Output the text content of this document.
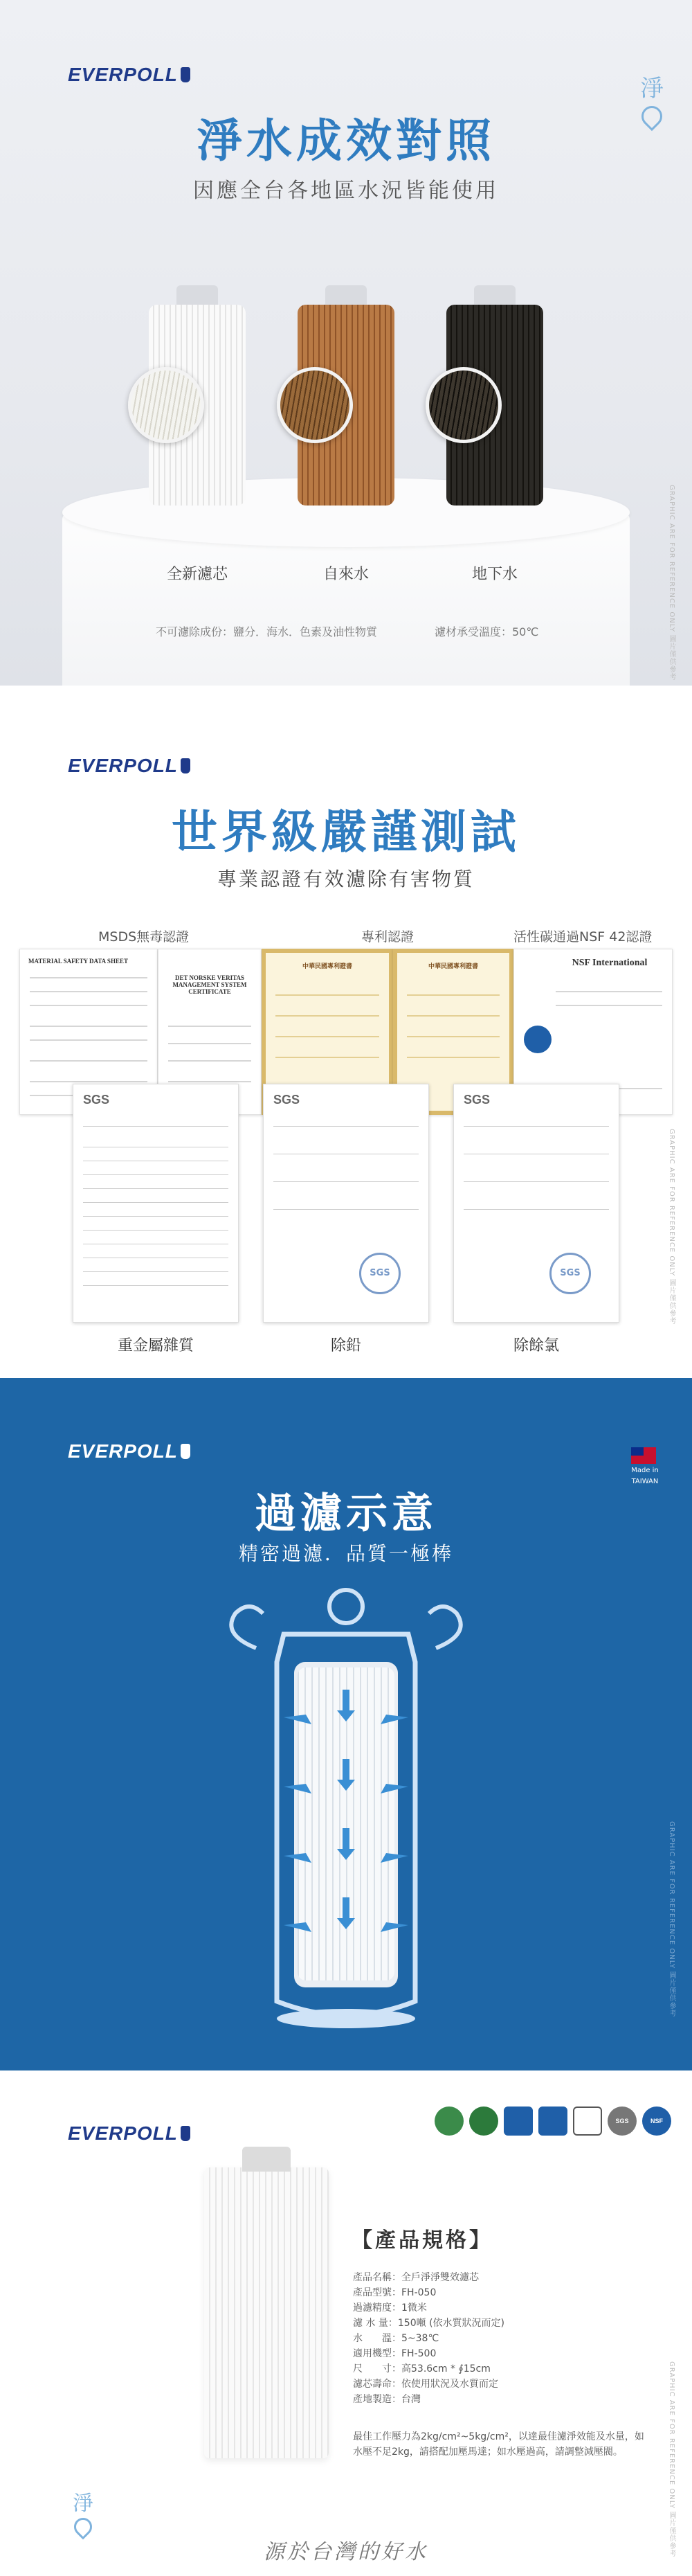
EVERPOLL
淨
淨水成效對照
因應全台各地區水況皆能使用
全新濾芯	自來水	地下水
不可濾除成份：鹽分．海水．色素及油性物質	濾材承受溫度：50℃	GRAPHIC ARE FOR REFERENCE ONLY 圖片僅供參考
EVERPOLL
世界級嚴謹測試
專業認證有效濾除有害物質
MSDS無毒認證	專利認證	活性碳通過NSF 42認證
MATERIAL SAFETY DATA SHEET
DET NORSKE VERITAS MANAGEMENT SYSTEM CERTIFICATE
中華民國專利證書	中華民國專利證書	NSF International
SGS	SGS
SGS
SGS
SGS
重金屬雜質	除鉛	除餘氯
GRAPHIC ARE FOR REFERENCE ONLY 圖片僅供參考
EVERPOLL
Made in
TAIWAN
過濾示意
精密過濾．品質一極棒
GRAPHIC ARE FOR REFERENCE ONLY 圖片僅供參考
EVERPOLL
SGS	NSF
【產品規格】
產品名稱：全戶淨淨雙效濾芯
產品型號：FH-050
過濾精度：1微米
濾 水 量：150噸 (依水質狀況而定)
水　　溫：5~38℃
適用機型：FH-500
尺　　寸：高53.6cm * ∮15cm
濾芯壽命：依使用狀況及水質而定
產地製造：台灣
最佳工作壓力為2kg/cm²~5kg/cm²，以達最佳濾淨效能及水量，如水壓不足2kg，請搭配加壓馬達；如水壓過高，請調整減壓閥。
淨
源於台灣的好水	GRAPHIC ARE FOR REFERENCE ONLY 圖片僅供參考
